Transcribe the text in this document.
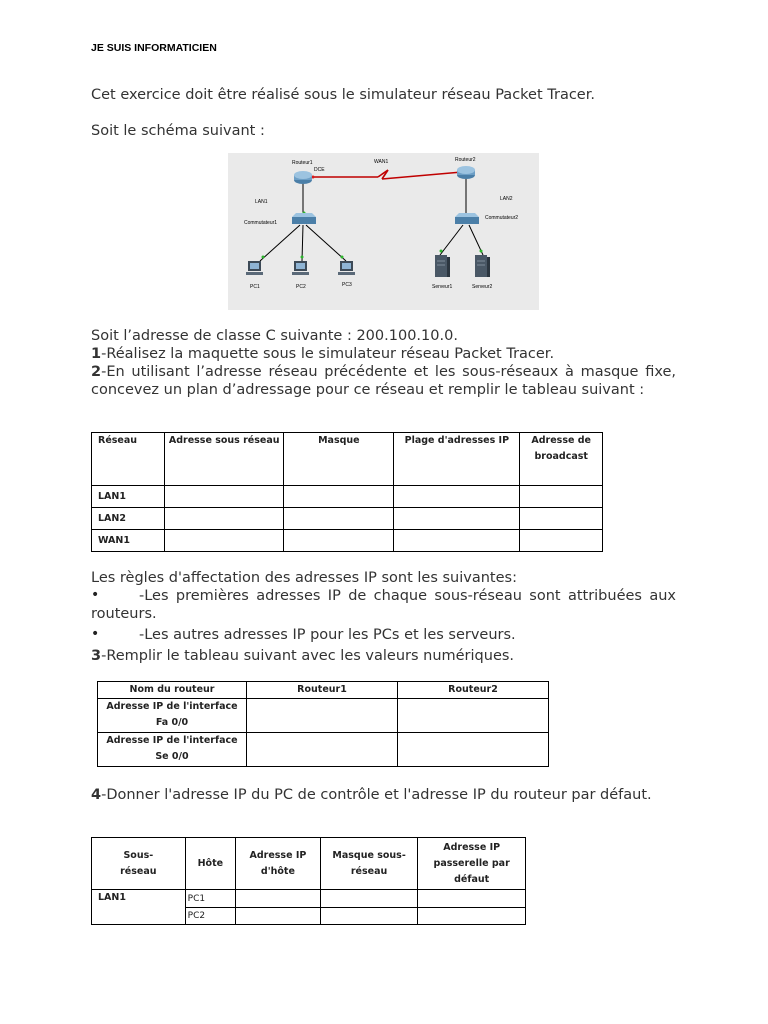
JE SUIS INFORMATICIEN
Cet exercice doit être réalisé sous le simulateur réseau Packet Tracer.
Soit le schéma suivant :
Routeur1	Routeur2
DCE
WAN1
LAN1	LAN2
Commutateur1
Commutateur2
PC1	PC2	PC3	Serveur1	Serveur2
Soit l’adresse de classe C suivante : 200.100.10.0.
1-Réalisez la maquette sous le simulateur réseau Packet Tracer.
2-En utilisant l’adresse réseau précédente et les sous-réseaux à masque fixe, concevez un plan d’adressage pour ce réseau et remplir le tableau suivant :
Réseau	Adresse sous réseau	Masque	Plage d'adresses IP	Adresse de broadcast
LAN1				
LAN2				
WAN1				
Les règles d'affectation des adresses IP sont les suivantes:
•	-Les premières adresses IP de chaque sous-réseau sont attribuées aux routeurs.
•	-Les autres adresses IP pour les PCs et les serveurs.
3-Remplir le tableau suivant avec les valeurs numériques.
Nom du routeur	Routeur1	Routeur2
Adresse IP de l'interface Fa 0/0		
Adresse IP de l'interface Se 0/0		
4-Donner l'adresse IP du PC de contrôle et l'adresse IP du routeur par défaut.
Sous-réseau	Hôte	Adresse IP d'hôte	Masque sous-réseau	Adresse IP passerelle par défaut
LAN1	PC1			
	PC2			
